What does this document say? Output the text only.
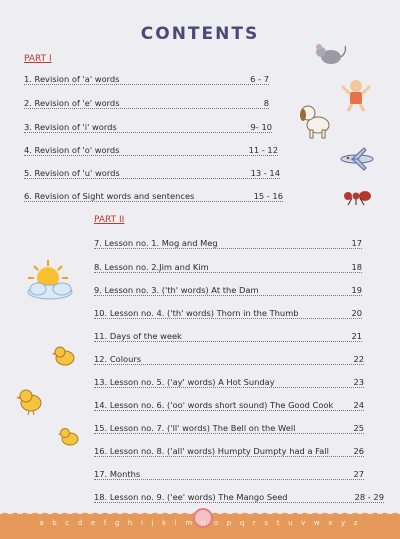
CONTENTS
PART I
1. Revision of 'a' words	6 - 7
2. Revision of 'e' words	8
3. Revision of 'i' words	9- 10
4. Revision of 'o' words	11 - 12
5. Revision of 'u' words	13 - 14
6. Revision of Sight words and sentences	15 - 16
PART II
7. Lesson no. 1. Mog and Meg	17
8. Lesson no. 2.Jim and Kim	18
9. Lesson no. 3. ('th' words) At the Dam	19
10. Lesson no. 4. ('th' words) Thorn in the Thumb	20
11. Days of the week	21
12. Colours	22
13. Lesson no. 5. ('ay' words) A Hot Sunday	23
14. Lesson no. 6. ('oo' words short sound) The Good Cook 24
15. Lesson no. 7. ('ll' words) The Bell on the Well	25
16. Lesson no. 8. ('all' words) Humpty Dumpty had a Fall	26
17. Months	27
18. Lesson no. 9. ('ee' words) The Mango Seed	28 - 29
a b c d e f g h i j k l m n o p q r s t u v w x y z
